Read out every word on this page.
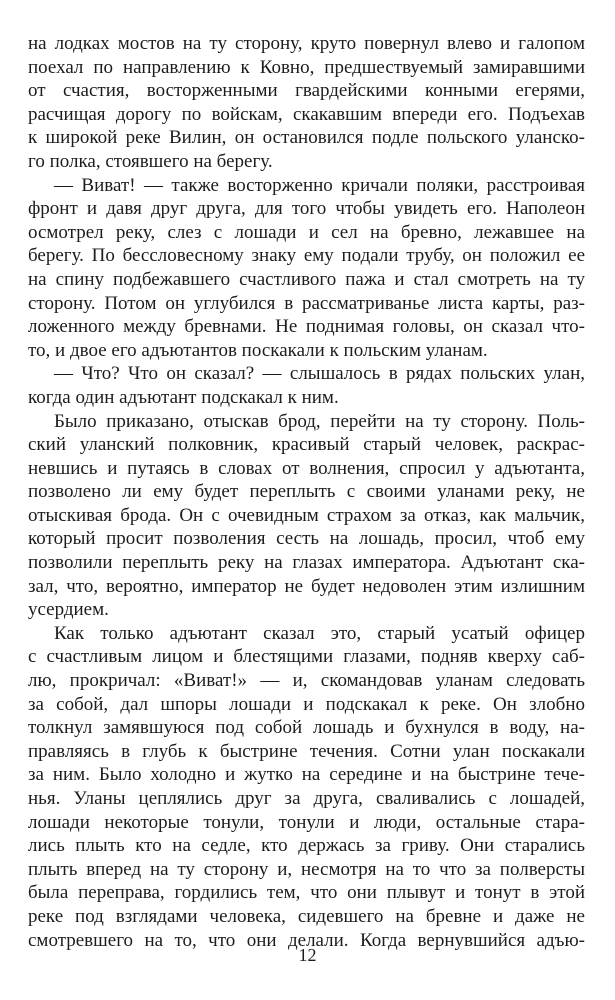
на лодках мостов на ту сторону, круто повернул влево и галопом
поехал по направлению к Ковно, предшествуемый замиравшими
от счастия, восторженными гвардейскими конными егерями,
расчищая дорогу по войскам, скакавшим впереди его. Подъехав
к широкой реке Вилин, он остановился подле польского уланско-
го полка, стоявшего на берегу.
— Виват! — также восторженно кричали поляки, расстроивая
фронт и давя друг друга, для того чтобы увидеть его. Наполеон
осмотрел реку, слез с лошади и сел на бревно, лежавшее на
берегу. По бессловесному знаку ему подали трубу, он положил ее
на спину подбежавшего счастливого пажа и стал смотреть на ту
сторону. Потом он углубился в рассматриванье листа карты, раз-
ложенного между бревнами. Не поднимая головы, он сказал что-
то, и двое его адъютантов поскакали к польским уланам.
— Что? Что он сказал? — слышалось в рядах польских улан,
когда один адъютант подскакал к ним.
Было приказано, отыскав брод, перейти на ту сторону. Поль-
ский уланский полковник, красивый старый человек, раскрас-
невшись и путаясь в словах от волнения, спросил у адъютанта,
позволено ли ему будет переплыть с своими уланами реку, не
отыскивая брода. Он с очевидным страхом за отказ, как мальчик,
который просит позволения сесть на лошадь, просил, чтоб ему
позволили переплыть реку на глазах императора. Адъютант ска-
зал, что, вероятно, император не будет недоволен этим излишним
усердием.
Как только адъютант сказал это, старый усатый офицер
с счастливым лицом и блестящими глазами, подняв кверху саб-
лю, прокричал: «Виват!» — и, скомандовав уланам следовать
за собой, дал шпоры лошади и подскакал к реке. Он злобно
толкнул замявшуюся под собой лошадь и бухнулся в воду, на-
правляясь в глубь к быстрине течения. Сотни улан поскакали
за ним. Было холодно и жутко на середине и на быстрине тече-
нья. Уланы цеплялись друг за друга, сваливались с лошадей,
лошади некоторые тонули, тонули и люди, остальные стара-
лись плыть кто на седле, кто держась за гриву. Они старались
плыть вперед на ту сторону и, несмотря на то что за полверсты
была переправа, гордились тем, что они плывут и тонут в этой
реке под взглядами человека, сидевшего на бревне и даже не
смотревшего на то, что они делали. Когда вернувшийся адъю-
12
